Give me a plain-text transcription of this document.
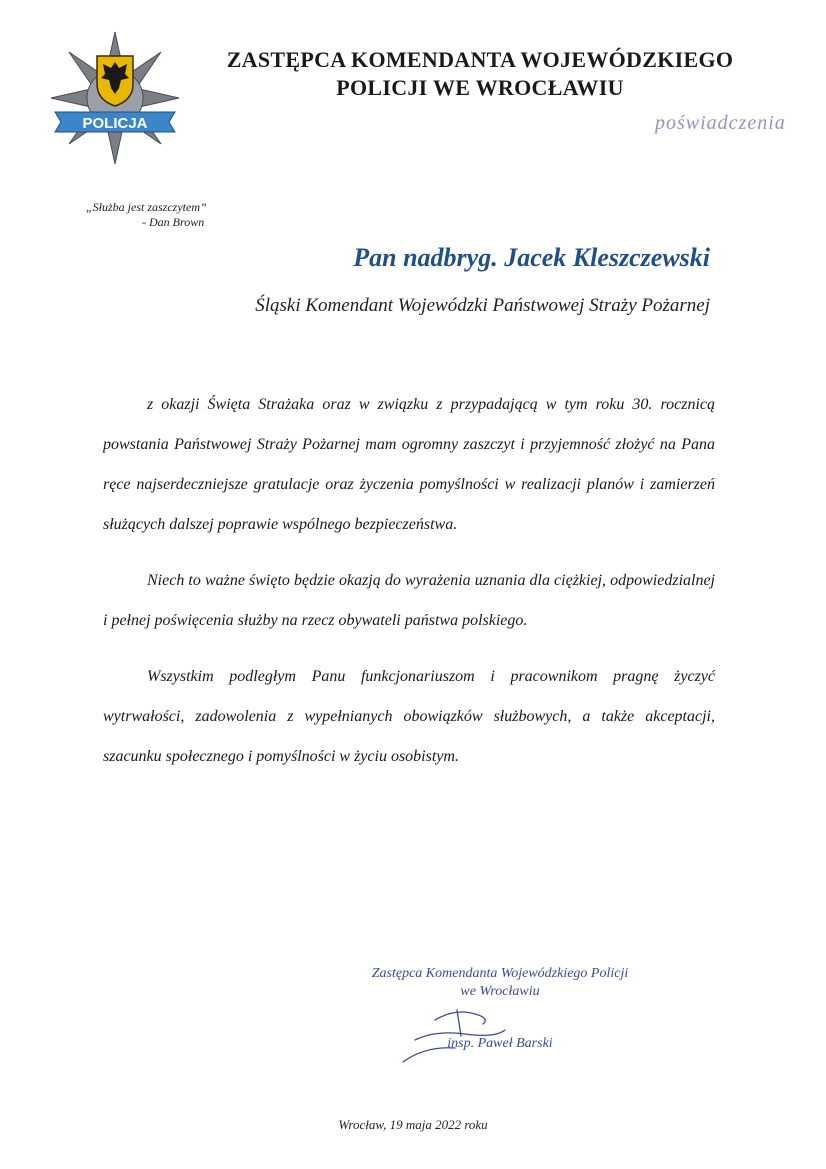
POLICJA
ZASTĘPCA KOMENDANTA WOJEWÓDZKIEGO
POLICJI WE WROCŁAWIU
poświadczenia
„Służba jest zaszczytem”
- Dan Brown
Pan nadbryg. Jacek Kleszczewski
Śląski Komendant Wojewódzki Państwowej Straży Pożarnej

z okazji Święta Strażaka oraz w związku z przypadającą w tym roku 30. rocznicą powstania Państwowej Straży Pożarnej mam ogromny zaszczyt i przyjemność złożyć na Pana ręce najserdeczniejsze gratulacje oraz życzenia pomyślności w realizacji planów i zamierzeń służących dalszej poprawie wspólnego bezpieczeństwa.

Niech to ważne święto będzie okazją do wyrażenia uznania dla ciężkiej, odpowiedzialnej i pełnej poświęcenia służby na rzecz obywateli państwa polskiego.

Wszystkim podległym Panu funkcjonariuszom i pracownikom pragnę życzyć wytrwałości, zadowolenia z wypełnianych obowiązków służbowych, a także akceptacji, szacunku społecznego i pomyślności w życiu osobistym.

Zastępca Komendanta Wojewódzkiego Policji
we Wrocławiu
insp. Paweł Barski
Wrocław, 19 maja 2022 roku
